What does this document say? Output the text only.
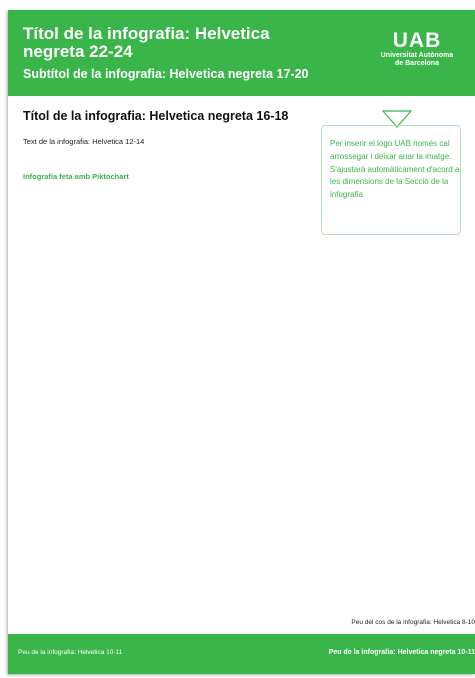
Títol de la infografia: Helvetica negreta 22-24
Subtítol de la infografia: Helvetica negreta 17-20
UAB
Universitat Autònoma
de Barcelona
Títol de la infografia: Helvetica negreta 16-18
Text de la infografia: Helvetica 12-14
Infografia feta amb Piktochart
Per inserir el logo UAB només cal arrossegar i deixar anar la imatge. S'ajustarà automàticament d'acord a les dimensions de la Secció de la infografia
Peu del cos de la infografia: Helvetica 8-10
Peu de la infografia: Helvetica 10-11	Peu de la infografia: Helvetica negreta 10-11
